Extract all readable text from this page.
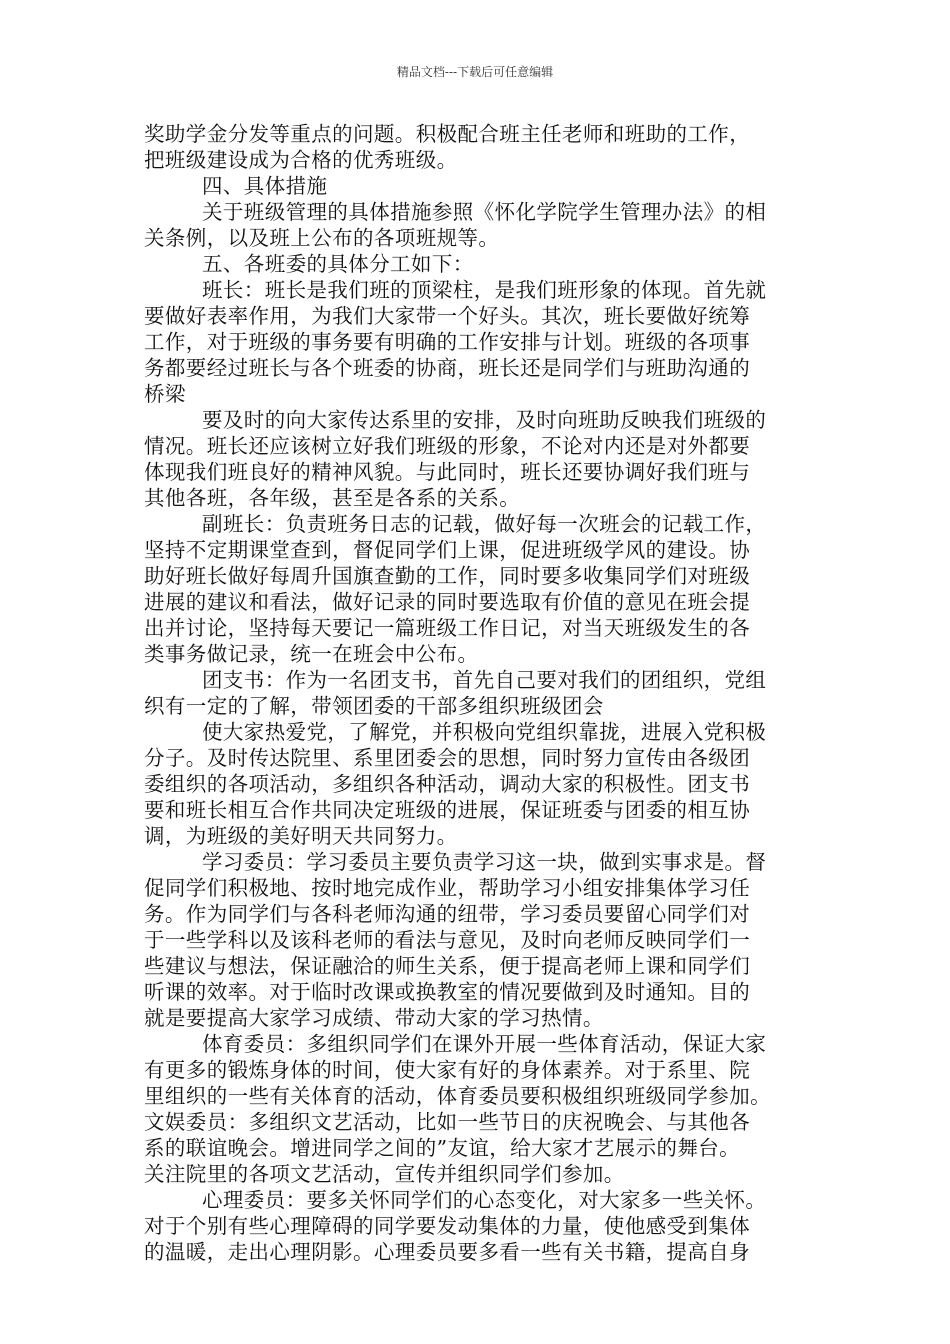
精品文档---下载后可任意编辑
奖助学金分发等重点的问题。积极配合班主任老师和班助的工作，
把班级建设成为合格的优秀班级。
四、具体措施
关于班级管理的具体措施参照《怀化学院学生管理办法》的相
关条例，以及班上公布的各项班规等。
五、各班委的具体分工如下：
班长：班长是我们班的顶梁柱，是我们班形象的体现。首先就
要做好表率作用，为我们大家带一个好头。其次，班长要做好统筹
工作，对于班级的事务要有明确的工作安排与计划。班级的各项事
务都要经过班长与各个班委的协商，班长还是同学们与班助沟通的
桥梁
要及时的向大家传达系里的安排，及时向班助反映我们班级的
情况。班长还应该树立好我们班级的形象，不论对内还是对外都要
体现我们班良好的精神风貌。与此同时，班长还要协调好我们班与
其他各班，各年级，甚至是各系的关系。
副班长：负责班务日志的记载，做好每一次班会的记载工作，
坚持不定期课堂查到，督促同学们上课，促进班级学风的建设。协
助好班长做好每周升国旗查勤的工作，同时要多收集同学们对班级
进展的建议和看法，做好记录的同时要选取有价值的意见在班会提
出并讨论，坚持每天要记一篇班级工作日记，对当天班级发生的各
类事务做记录，统一在班会中公布。
团支书：作为一名团支书，首先自己要对我们的团组织，党组
织有一定的了解，带领团委的干部多组织班级团会
使大家热爱党，了解党，并积极向党组织靠拢，进展入党积极
分子。及时传达院里、系里团委会的思想，同时努力宣传由各级团
委组织的各项活动，多组织各种活动，调动大家的积极性。团支书
要和班长相互合作共同决定班级的进展，保证班委与团委的相互协
调，为班级的美好明天共同努力。
学习委员：学习委员主要负责学习这一块，做到实事求是。督
促同学们积极地、按时地完成作业，帮助学习小组安排集体学习任
务。作为同学们与各科老师沟通的纽带，学习委员要留心同学们对
于一些学科以及该科老师的看法与意见，及时向老师反映同学们一
些建议与想法，保证融洽的师生关系，便于提高老师上课和同学们
听课的效率。对于临时改课或换教室的情况要做到及时通知。目的
就是要提高大家学习成绩、带动大家的学习热情。
体育委员：多组织同学们在课外开展一些体育活动，保证大家
有更多的锻炼身体的时间，使大家有好的身体素养。对于系里、院
里组织的一些有关体育的活动，体育委员要积极组织班级同学参加。
文娱委员：多组织文艺活动，比如一些节日的庆祝晚会、与其他各
系的联谊晚会。增进同学之间的”友谊，给大家才艺展示的舞台。
关注院里的各项文艺活动，宣传并组织同学们参加。
心理委员：要多关怀同学们的心态变化，对大家多一些关怀。
对于个别有些心理障碍的同学要发动集体的力量，使他感受到集体
的温暖，走出心理阴影。心理委员要多看一些有关书籍，提高自身
